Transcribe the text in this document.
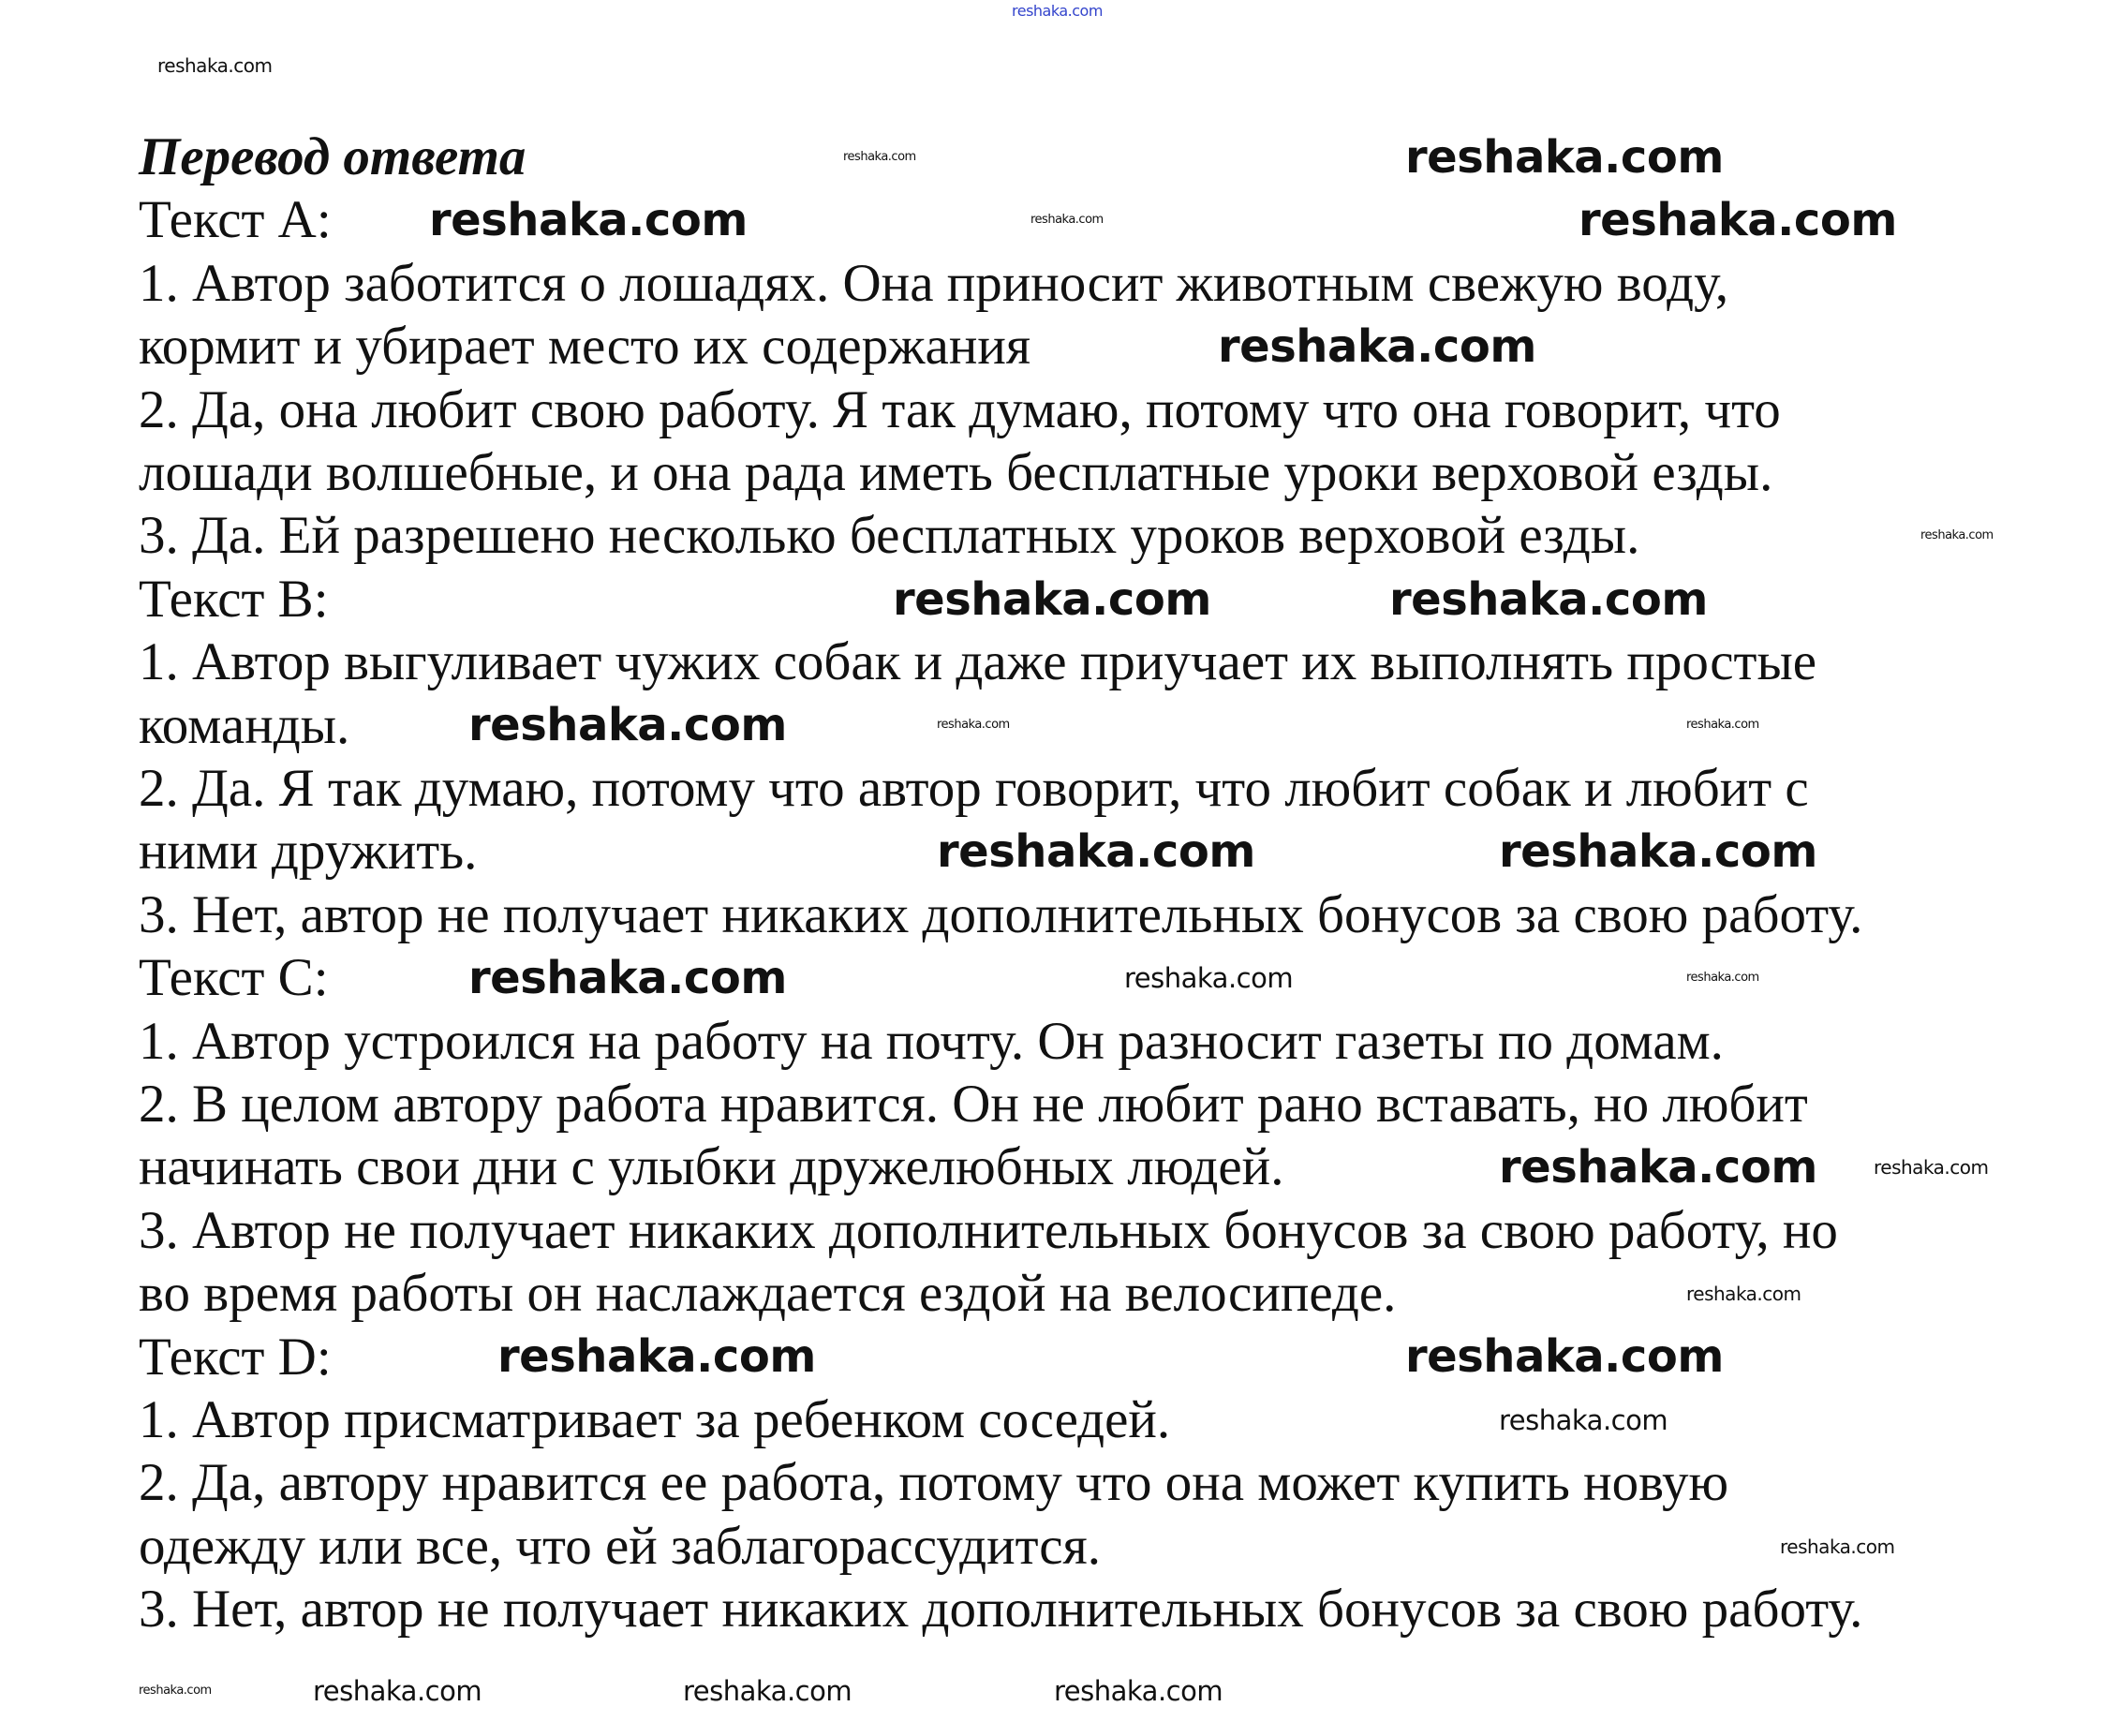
Перевод ответа
Текст A:
1. Автор заботится о лошадях. Она приносит животным свежую воду,
кормит и убирает место их содержания
2. Да, она любит свою работу. Я так думаю, потому что она говорит, что
лошади волшебные, и она рада иметь бесплатные уроки верховой езды.
3. Да. Ей разрешено несколько бесплатных уроков верховой езды.
Текст B:
1. Автор выгуливает чужих собак и даже приучает их выполнять простые
команды.
2. Да. Я так думаю, потому что автор говорит, что любит собак и любит с
ними дружить.
3. Нет, автор не получает никаких дополнительных бонусов за свою работу.
Текст C:
1. Автор устроился на работу на почту. Он разносит газеты по домам.
2. В целом автору работа нравится. Он не любит рано вставать, но любит
начинать свои дни с улыбки дружелюбных людей.
3. Автор не получает никаких дополнительных бонусов за свою работу, но
во время работы он наслаждается ездой на велосипеде.
Текст D:
1. Автор присматривает за ребенком соседей.
2. Да, автору нравится ее работа, потому что она может купить новую
одежду или все, что ей заблагорассудится.
3. Нет, автор не получает никаких дополнительных бонусов за свою работу.
reshaka.com
reshaka.com
reshaka.com
reshaka.com
reshaka.com	reshaka.com
reshaka.com
reshaka.com
reshaka.com
reshaka.com	reshaka.com
reshaka.com	reshaka.com	reshaka.com
reshaka.com	reshaka.com
reshaka.com	reshaka.com	reshaka.com
reshaka.com	reshaka.com
reshaka.com
reshaka.com	reshaka.com
reshaka.com
reshaka.com
reshaka.com	reshaka.com	reshaka.com	reshaka.com
